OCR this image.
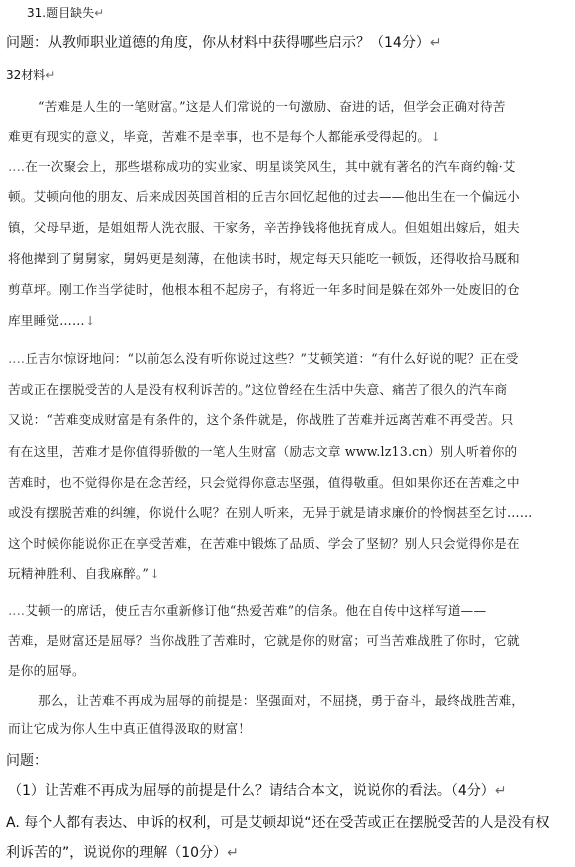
31.题目缺失↵
问题：从教师职业道德的角度，你从材料中获得哪些启示？（14分）↵
32材料↵
“苦难是人生的一笔财富。”这是人们常说的一句激励、奋进的话，但学会正确对待苦
难更有现实的意义，毕竟，苦难不是幸事，也不是每个人都能承受得起的。↓
‥‥在一次聚会上，那些堪称成功的实业家、明星谈笑风生，其中就有著名的汽车商约翰·艾
顿。艾顿向他的朋友、后来成因英国首相的丘吉尔回忆起他的过去——他出生在一个偏远小
镇，父母早逝，是姐姐帮人洗衣服、干家务，辛苦挣钱将他抚育成人。但姐姐出嫁后，姐夫
将他撵到了舅舅家，舅妈更是刻薄，在他读书时，规定每天只能吃一顿饭，还得收拾马厩和
剪草坪。刚工作当学徒时，他根本租不起房子，有将近一年多时间是躲在郊外一处废旧的仓
库里睡觉……↓
‥‥丘吉尔惊讶地问：“以前怎么没有听你说过这些？”艾顿笑道：“有什么好说的呢？正在受
苦或正在摆脱受苦的人是没有权利诉苦的。”这位曾经在生活中失意、痛苦了很久的汽车商
又说：“苦难变成财富是有条件的，这个条件就是，你战胜了苦难并远离苦难不再受苦。只
有在这里，苦难才是你值得骄傲的一笔人生财富（励志文章 www.lz13.cn）别人听着你的
苦难时，也不觉得你是在念苦经，只会觉得你意志坚强，值得敬重。但如果你还在苦难之中
或没有摆脱苦难的纠缠，你说什么呢？在别人听来，无异于就是请求廉价的怜悯甚至乞讨……
这个时候你能说你正在享受苦难，在苦难中锻炼了品质、学会了坚韧？别人只会觉得你是在
玩精神胜利、自我麻醉。”↓
‥‥艾顿一的席话，使丘吉尔重新修订他“热爱苦难”的信条。他在自传中这样写道——
苦难，是财富还是屈辱？当你战胜了苦难时，它就是你的财富；可当苦难战胜了你时，它就
是你的屈辱。
那么，让苦难不再成为屈辱的前提是：坚强面对，不屈挠，勇于奋斗，最终战胜苦难，
而让它成为你人生中真正值得汲取的财富！
问题：
（1）让苦难不再成为屈辱的前提是什么？请结合本文，说说你的看法。（4分）↵
A. 每个人都有表达、申诉的权利，可是艾顿却说“还在受苦或正在摆脱受苦的人是没有权
利诉苦的”，说说你的理解（10分）↵
